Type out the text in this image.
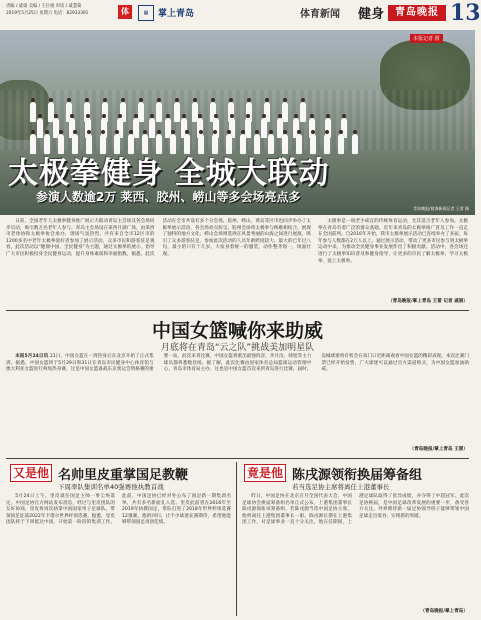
责编 / 戚娟 美编 / 王巨娟 审读 / 戚慧菊
2019年5月25日 星期六 电话：82933391	体	▦	掌上青岛	体育新闻 健身	青岛晚报 13
本报记者 摄
太极拳健身 全城大联动
参演人数逾2万 莱西、胶州、崂山等多会场亮点多
青岛晚报/观海新闻记者 王雷 摄
日前，全国老年人太极拳健身推广展示大联动青岛主会场及各会场同步启动，吸引数万名老年人参与。青岛主会场设在莱西月湖广场，由莱西市老体协和太极拳协会承办，现场气氛热烈，共有来自全市12区市的1200多名中老年太极拳爱好者参加了展示活动，众多市民和游客驻足观看。此次活动以“健康中国、全民健身”为主题，通过太极拳的展示，倡导广大市民积极投身全民健身运动，提升身体素质和幸福指数。据悉，此次活动在全市共设有多个分会场，胶州、崂山、黄岛等区市也同步举办了太极拳展示活动，各会场亮点纷呈。胶州会场将太极拳与秧歌相结合，展现了独特的地方文化；崂山会场则选择在风景秀丽的山海之间进行展演，吸引了众多游客驻足。参加此次活动的人员年龄跨度较大，最大的已年过八旬，最小的只有十几岁。大家身着统一的服装，动作整齐划一，场面壮观。
太极拳是一项老少咸宜的传统体育运动，尤其适合老年人参加。太极拳在青岛有着广泛的群众基础，近年来青岛的太极拳推广普及工作一直走在全国前列。自2016年开始，我市太极拳展示活动已连续举办了多届，每年参与人数都在2万人以上。通过展示活动，带动了更多市民参与到太极拳运动中来，为推动全民健身事业发展作出了积极贡献。活动中，各会场还进行了太极拳知识普及和健身指导，让更多的市民了解太极拳、学习太极拳、爱上太极拳。
（青岛晚报/掌上青岛 王雷 记者 戚娟）
中国女篮喊你来助威
月底将在青岛“云之队”挑战美加明星队
本报5月24日讯 21日，中国女篮在一周热身后在北京开始了正式集训。据悉，中国女篮将于5月29日和31日在青岛市民健身中心体育馆与澳大利亚女篮进行两场热身赛，这是中国女篮备战东京奥运会资格赛的重要一站。此次来青比赛，中国女篮将派出最强阵容，李月汝、韩旭等主力球员都将悉数登场。据了解，此次比赛由国家体育总局篮球运动管理中心、青岛市体育局主办，这也是中国女篮首次来到青岛进行比赛。届时，岛城球迷将有机会在家门口近距离观看中国女篮的精彩表现。本次比赛门票已经开始发售，广大球迷可以通过官方渠道购买，为中国女篮加油助威。
（青岛晚报/掌上青岛 王雷）
又是他 名帅里皮重掌国足教鞭
下周率队集训名单40强赛他执教首战
5月24日上午，里皮就任国足主帅一事尘埃落定。中国足协官方网站发布消息，经过与里皮团队的友好协商，里皮将再次执掌中国国家男子足球队，带领国足征战2022年卡塔尔世界杯预选赛。据悉，里皮团队将于下周抵达中国，开始第一阶段的集训工作。此前，中国足协已经对外公布了国足新一期集训名单，共有多名新面孔入选。里皮此前曾在2016年至2019年执教国足，带队打进了2018年世界杯预选赛12强赛。他的回归，让不少球迷充满期待，希望他能够带领国足再创佳绩。
竟是他 陈戌源领衔换届筹备组
若当选足协主席将离任上港董事长
昨日，中国足协在北京召开全国代表大会，中国足球协会换届筹备组名单正式公布，上港集团董事长陈戌源领衔该筹备组。若陈戌源当选中国足协主席，他将离任上港集团董事长一职。陈戌源长期在上港集团工作，对足球事业一直十分关注，他在任期间，上港足球队取得了优异成绩，并夺得了中超冠军。此次足协换届，是中国足球改革发展的重要一步，备受各方关注。外界期待新一届足协领导班子能够带领中国足球走出低谷，实现新的突破。
（青岛晚报/掌上青岛）
